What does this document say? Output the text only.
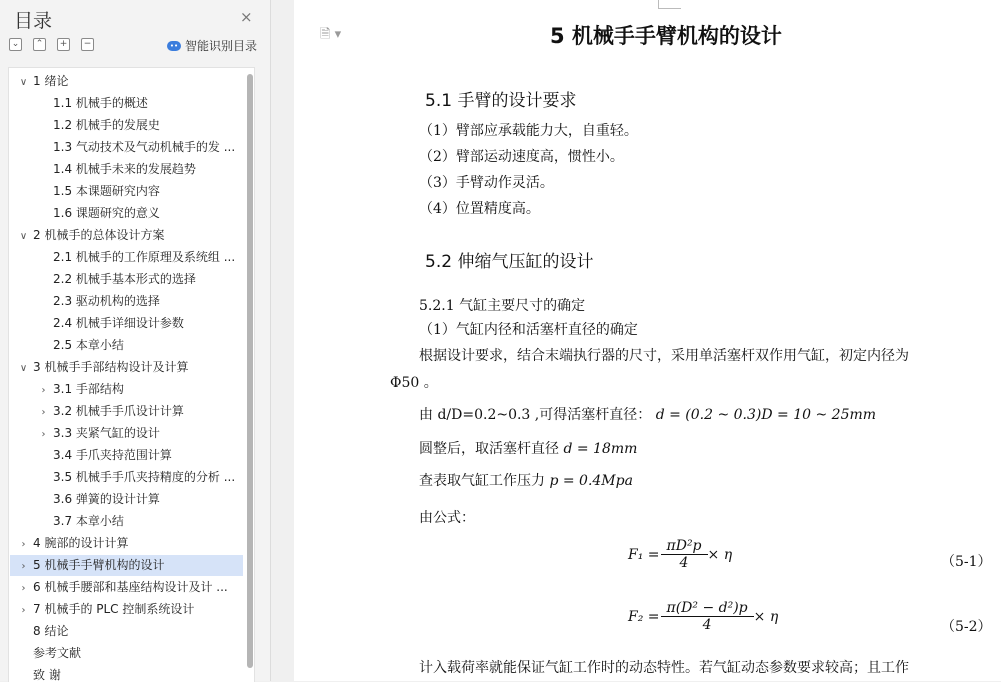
目录	×
⌄	⌃	+	−	•• 智能识别目录
∨ 1 绪论
1.1 机械手的概述
1.2 机械手的发展史
1.3 气动技术及气动机械手的发 ...
1.4 机械手未来的发展趋势
1.5 本课题研究内容
1.6 课题研究的意义
∨ 2 机械手的总体设计方案
2.1 机械手的工作原理及系统组 ...
2.2 机械手基本形式的选择
2.3 驱动机构的选择
2.4 机械手详细设计参数
2.5 本章小结
∨ 3 机械手手部结构设计及计算
› 3.1 手部结构
› 3.2 机械手手爪设计计算
› 3.3 夹紧气缸的设计
3.4 手爪夹持范围计算
3.5 机械手手爪夹持精度的分析 ...
3.6 弹簧的设计计算
3.7 本章小结
› 4 腕部的设计计算
› 5 机械手手臂机构的设计
› 6 机械手腰部和基座结构设计及计 ...
› 7 机械手的 PLC 控制系统设计
8 结论
参考文献
致 谢
🗎 ▾	5 机械手手臂机构的设计
5.1 手臂的设计要求
（1）臂部应承载能力大，自重轻。
（2）臂部运动速度高，惯性小。
（3）手臂动作灵活。
（4）位置精度高。
5.2 伸缩气压缸的设计
5.2.1 气缸主要尺寸的确定
（1）气缸内径和活塞杆直径的确定
根据设计要求，结合末端执行器的尺寸，采用单活塞杆双作用气缸，初定内径为
Φ50 。
由 d/D=0.2~0.3 ,可得活塞杆直径： d = (0.2 ~ 0.3)D = 10 ~ 25mm
圆整后，取活塞杆直径 d = 18mm
查表取气缸工作压力 p = 0.4Mpa
由公式：
$F_1 = \frac{\text{πD²p}}{4} \times \eta$	（5-1）
$F_2 = \frac{\text{π(D² − d²)p}}{4} \times \eta$
（5-2）
计入载荷率就能保证气缸工作时的动态特性。若气缸动态参数要求较高；且工作
